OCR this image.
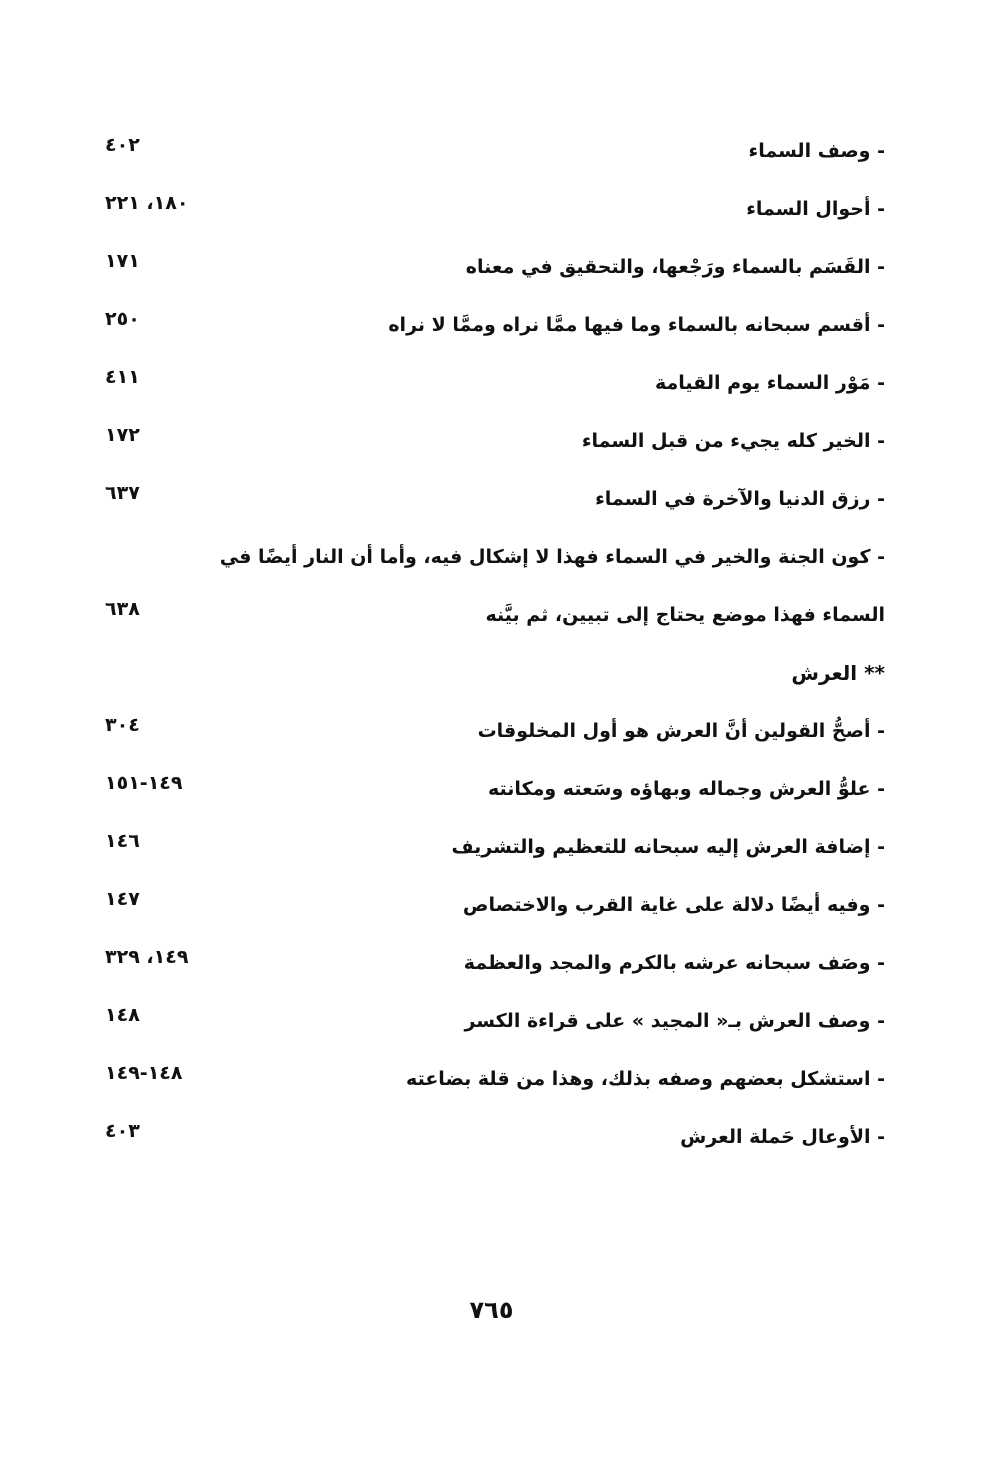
- وصف السماء
٤٠٢
- أحوال السماء
١٨٠، ٢٢١
- القَسَم بالسماء ورَجْعها، والتحقيق في معناه
١٧١
- أقسم سبحانه بالسماء وما فيها ممَّا نراه وممَّا لا نراه
٢٥٠
- مَوْر السماء يوم القيامة
٤١١
- الخير كله يجيء من قبل السماء
١٧٢
- رزق الدنيا والآخرة في السماء
٦٣٧
- كون الجنة والخير في السماء فهذا لا إشكال فيه، وأما أن النار أيضًا في السماء فهذا موضع يحتاج إلى تبيين، ثم بيَّنه
٦٣٨
** العرش
- أصحُّ القولين أنَّ العرش هو أول المخلوقات
٣٠٤
- علوُّ العرش وجماله وبهاؤه وسَعته ومكانته
١٤٩-١٥١
- إضافة العرش إليه سبحانه للتعظيم والتشريف
١٤٦
- وفيه أيضًا دلالة على غاية القرب والاختصاص
١٤٧
- وصَف سبحانه عرشه بالكرم والمجد والعظمة
١٤٩، ٣٢٩
- وصف العرش بـ« المجيد » على قراءة الكسر
١٤٨
- استشكل بعضهم وصفه بذلك، وهذا من قلة بضاعته
١٤٨-١٤٩
- الأوعال حَملة العرش
٤٠٣
٧٦٥
